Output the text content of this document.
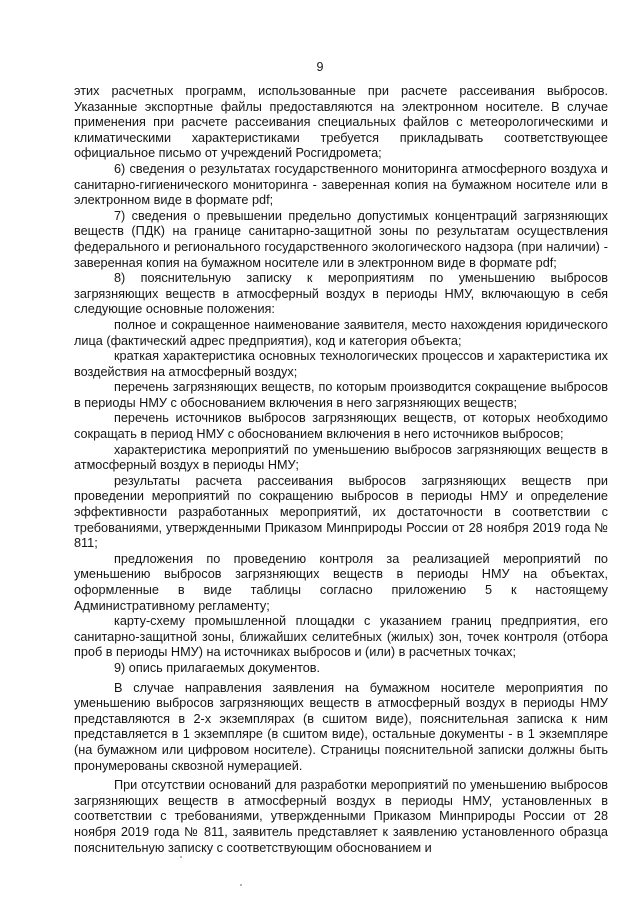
9

этих расчетных программ, использованные при расчете рассеивания выбросов. Указанные экспортные файлы предоставляются на электронном носителе. В случае применения при расчете рассеивания специальных файлов с метеорологическими и климатическими характеристиками требуется прикладывать соответствующее официальное письмо от учреждений Росгидромета;

6) сведения о результатах государственного мониторинга атмосферного воздуха и санитарно-гигиенического мониторинга - заверенная копия на бумажном носителе или в электронном виде в формате pdf;

7) сведения о превышении предельно допустимых концентраций загрязняющих веществ (ПДК) на границе санитарно-защитной зоны по результатам осуществления федерального и регионального государственного экологического надзора (при наличии) - заверенная копия на бумажном носителе или в электронном виде в формате pdf;

8) пояснительную записку к мероприятиям по уменьшению выбросов загрязняющих веществ в атмосферный воздух в периоды НМУ, включающую в себя следующие основные положения:

полное и сокращенное наименование заявителя, место нахождения юридического лица (фактический адрес предприятия), код и категория объекта;

краткая характеристика основных технологических процессов и характеристика их воздействия на атмосферный воздух;

перечень загрязняющих веществ, по которым производится сокращение выбросов в периоды НМУ с обоснованием включения в него загрязняющих веществ;

перечень источников выбросов загрязняющих веществ, от которых необходимо сокращать в период НМУ с обоснованием включения в него источников выбросов;

характеристика мероприятий по уменьшению выбросов загрязняющих веществ в атмосферный воздух в периоды НМУ;

результаты расчета рассеивания выбросов загрязняющих веществ при проведении мероприятий по сокращению выбросов в периоды НМУ и определение эффективности разработанных мероприятий, их достаточности в соответствии с требованиями, утвержденными Приказом Минприроды России от 28 ноября 2019 года № 811;

предложения по проведению контроля за реализацией мероприятий по уменьшению выбросов загрязняющих веществ в периоды НМУ на объектах, оформленные в виде таблицы согласно приложению 5 к настоящему Административному регламенту;

карту-схему промышленной площадки с указанием границ предприятия, его санитарно-защитной зоны, ближайших селитебных (жилых) зон, точек контроля (отбора проб в периоды НМУ) на источниках выбросов и (или) в расчетных точках;

9) опись прилагаемых документов.

В случае направления заявления на бумажном носителе мероприятия по уменьшению выбросов загрязняющих веществ в атмосферный воздух в периоды НМУ представляются в 2-х экземплярах (в сшитом виде), пояснительная записка к ним представляется в 1 экземпляре (в сшитом виде), остальные документы - в 1 экземпляре (на бумажном или цифровом носителе). Страницы пояснительной записки должны быть пронумерованы сквозной нумерацией.

При отсутствии оснований для разработки мероприятий по уменьшению выбросов загрязняющих веществ в атмосферный воздух в периоды НМУ, установленных в соответствии с требованиями, утвержденными Приказом Минприроды России от 28 ноября 2019 года № 811, заявитель представляет к заявлению установленного образца пояснительную записку с соответствующим обоснованием и
